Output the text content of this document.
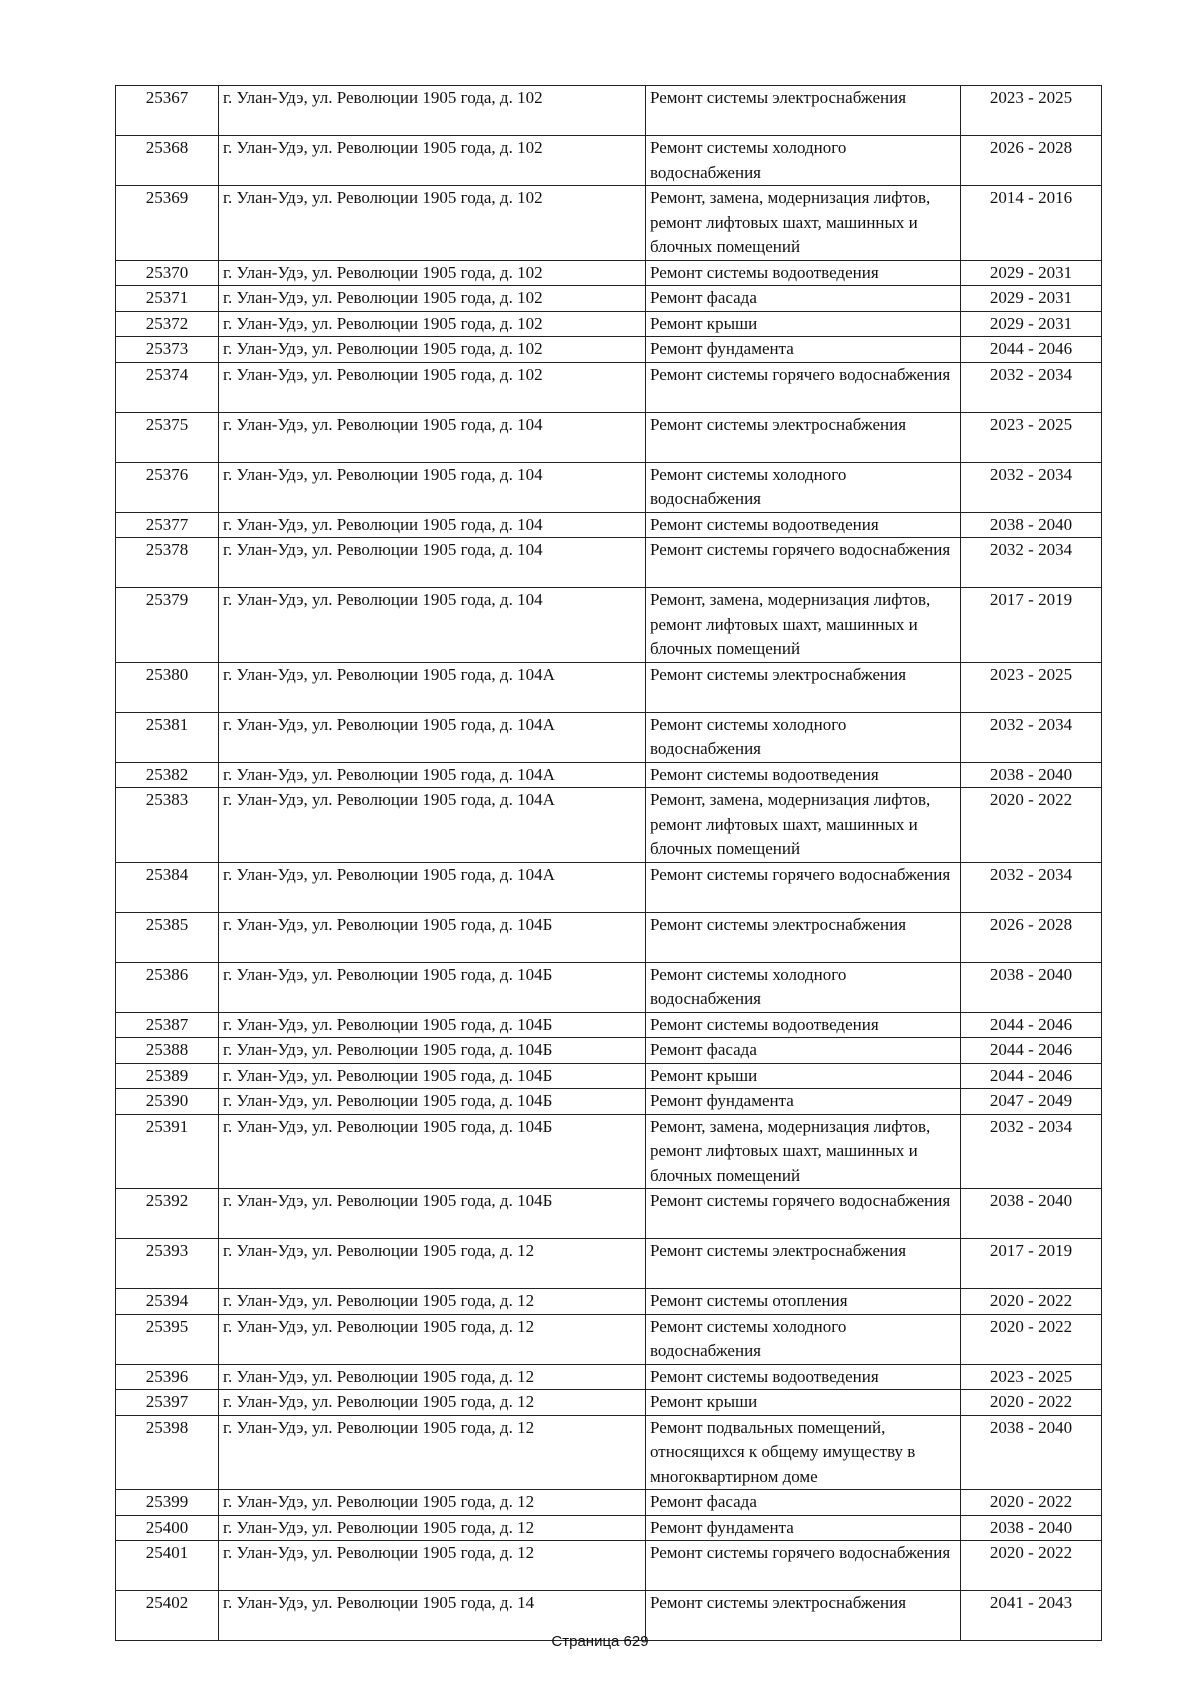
25367	г. Улан-Удэ, ул. Революции 1905 года, д. 102	Ремонт системы электроснабжения	2023 - 2025
25368	г. Улан-Удэ, ул. Революции 1905 года, д. 102	Ремонт системы холодного водоснабжения	2026 - 2028
25369	г. Улан-Удэ, ул. Революции 1905 года, д. 102	Ремонт, замена, модернизация лифтов, ремонт лифтовых шахт, машинных и блочных помещений	2014 - 2016
25370	г. Улан-Удэ, ул. Революции 1905 года, д. 102	Ремонт системы водоотведения	2029 - 2031
25371	г. Улан-Удэ, ул. Революции 1905 года, д. 102	Ремонт фасада	2029 - 2031
25372	г. Улан-Удэ, ул. Революции 1905 года, д. 102	Ремонт крыши	2029 - 2031
25373	г. Улан-Удэ, ул. Революции 1905 года, д. 102	Ремонт фундамента	2044 - 2046
25374	г. Улан-Удэ, ул. Революции 1905 года, д. 102	Ремонт системы горячего водоснабжения	2032 - 2034
25375	г. Улан-Удэ, ул. Революции 1905 года, д. 104	Ремонт системы электроснабжения	2023 - 2025
25376	г. Улан-Удэ, ул. Революции 1905 года, д. 104	Ремонт системы холодного водоснабжения	2032 - 2034
25377	г. Улан-Удэ, ул. Революции 1905 года, д. 104	Ремонт системы водоотведения	2038 - 2040
25378	г. Улан-Удэ, ул. Революции 1905 года, д. 104	Ремонт системы горячего водоснабжения	2032 - 2034
25379	г. Улан-Удэ, ул. Революции 1905 года, д. 104	Ремонт, замена, модернизация лифтов, ремонт лифтовых шахт, машинных и блочных помещений	2017 - 2019
25380	г. Улан-Удэ, ул. Революции 1905 года, д. 104А	Ремонт системы электроснабжения	2023 - 2025
25381	г. Улан-Удэ, ул. Революции 1905 года, д. 104А	Ремонт системы холодного водоснабжения	2032 - 2034
25382	г. Улан-Удэ, ул. Революции 1905 года, д. 104А	Ремонт системы водоотведения	2038 - 2040
25383	г. Улан-Удэ, ул. Революции 1905 года, д. 104А	Ремонт, замена, модернизация лифтов, ремонт лифтовых шахт, машинных и блочных помещений	2020 - 2022
25384	г. Улан-Удэ, ул. Революции 1905 года, д. 104А	Ремонт системы горячего водоснабжения	2032 - 2034
25385	г. Улан-Удэ, ул. Революции 1905 года, д. 104Б	Ремонт системы электроснабжения	2026 - 2028
25386	г. Улан-Удэ, ул. Революции 1905 года, д. 104Б	Ремонт системы холодного водоснабжения	2038 - 2040
25387	г. Улан-Удэ, ул. Революции 1905 года, д. 104Б	Ремонт системы водоотведения	2044 - 2046
25388	г. Улан-Удэ, ул. Революции 1905 года, д. 104Б	Ремонт фасада	2044 - 2046
25389	г. Улан-Удэ, ул. Революции 1905 года, д. 104Б	Ремонт крыши	2044 - 2046
25390	г. Улан-Удэ, ул. Революции 1905 года, д. 104Б	Ремонт фундамента	2047 - 2049
25391	г. Улан-Удэ, ул. Революции 1905 года, д. 104Б	Ремонт, замена, модернизация лифтов, ремонт лифтовых шахт, машинных и блочных помещений	2032 - 2034
25392	г. Улан-Удэ, ул. Революции 1905 года, д. 104Б	Ремонт системы горячего водоснабжения	2038 - 2040
25393	г. Улан-Удэ, ул. Революции 1905 года, д. 12	Ремонт системы электроснабжения	2017 - 2019
25394	г. Улан-Удэ, ул. Революции 1905 года, д. 12	Ремонт системы отопления	2020 - 2022
25395	г. Улан-Удэ, ул. Революции 1905 года, д. 12	Ремонт системы холодного водоснабжения	2020 - 2022
25396	г. Улан-Удэ, ул. Революции 1905 года, д. 12	Ремонт системы водоотведения	2023 - 2025
25397	г. Улан-Удэ, ул. Революции 1905 года, д. 12	Ремонт крыши	2020 - 2022
25398	г. Улан-Удэ, ул. Революции 1905 года, д. 12	Ремонт подвальных помещений, относящихся к общему имуществу в многоквартирном доме	2038 - 2040
25399	г. Улан-Удэ, ул. Революции 1905 года, д. 12	Ремонт фасада	2020 - 2022
25400	г. Улан-Удэ, ул. Революции 1905 года, д. 12	Ремонт фундамента	2038 - 2040
25401	г. Улан-Удэ, ул. Революции 1905 года, д. 12	Ремонт системы горячего водоснабжения	2020 - 2022
25402	г. Улан-Удэ, ул. Революции 1905 года, д. 14	Ремонт системы электроснабжения	2041 - 2043
Страница 629
